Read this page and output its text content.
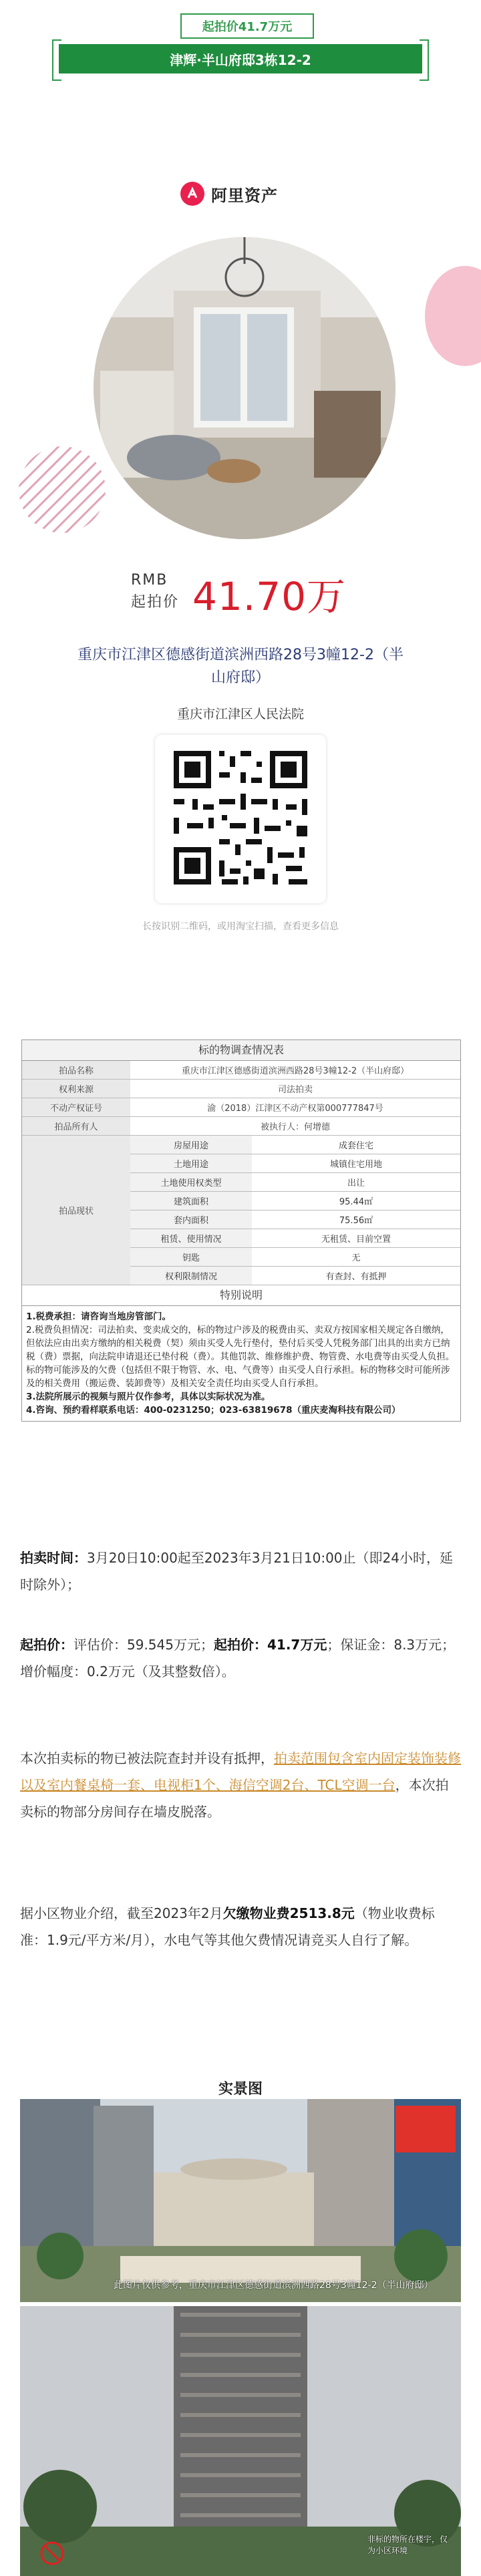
起拍价41.7万元
津辉·半山府邸3栋12-2
阿里资产
RMB
起拍价 41.70万
重庆市江津区德感街道滨洲西路28号3幢12-2（半山府邸）
重庆市江津区人民法院
长按识别二维码，或用淘宝扫描，查看更多信息
标的物调查情况表
拍品名称	重庆市江津区德感街道滨洲西路28号3幢12-2（半山府邸）
权利来源	司法拍卖
不动产权证号	渝（2018）江津区不动产权第000777847号
拍品所有人	被执行人：何增德
拍品现状
房屋用途	成套住宅
土地用途	城镇住宅用地
土地使用权类型	出让
建筑面积	95.44㎡
套内面积	75.56㎡
租赁、使用情况	无租赁、目前空置
钥匙	无
权利限制情况	有查封、有抵押
特别说明
1.税费承担：请咨询当地房管部门。
2.税费负担情况：司法拍卖、变卖成交的，标的物过户涉及的税费由买、卖双方按国家相关规定各自缴纳，但依法应由出卖方缴纳的相关税费（契）须由买受人先行垫付，垫付后买受人凭税务部门出具的出卖方已纳税（费）票据，向法院申请退还已垫付税（费）。其他罚款、维修维护费、物管费、水电费等由买受人负担。标的物可能涉及的欠费（包括但不限于物管、水、电、气费等）由买受人自行承担。标的物移交时可能所涉及的相关费用（搬运费、装卸费等）及相关安全责任均由买受人自行承担。
3.法院所展示的视频与照片仅作参考，具体以实际状况为准。
4.咨询、预约看样联系电话：400-0231250；023-63819678（重庆麦淘科技有限公司）
拍卖时间：3月20日10:00起至2023年3月21日10:00止（即24小时，延时除外）；
起拍价：评估价：59.545万元；起拍价：41.7万元；保证金：8.3万元；增价幅度：0.2万元（及其整数倍）。
本次拍卖标的物已被法院查封并设有抵押，拍卖范围包含室内固定装饰装修以及室内餐桌椅一套、电视柜1个、海信空调2台、TCL空调一台，本次拍卖标的物部分房间存在墙皮脱落。
据小区物业介绍，截至2023年2月欠缴物业费2513.8元（物业收费标准：1.9元/平方米/月），水电气等其他欠费情况请竞买人自行了解。
实景图
此图片仅供参考，重庆市江津区德感街道滨洲西路28号3幢12-2（半山府邸）
非标的物所在楼宇，仅为小区环境
